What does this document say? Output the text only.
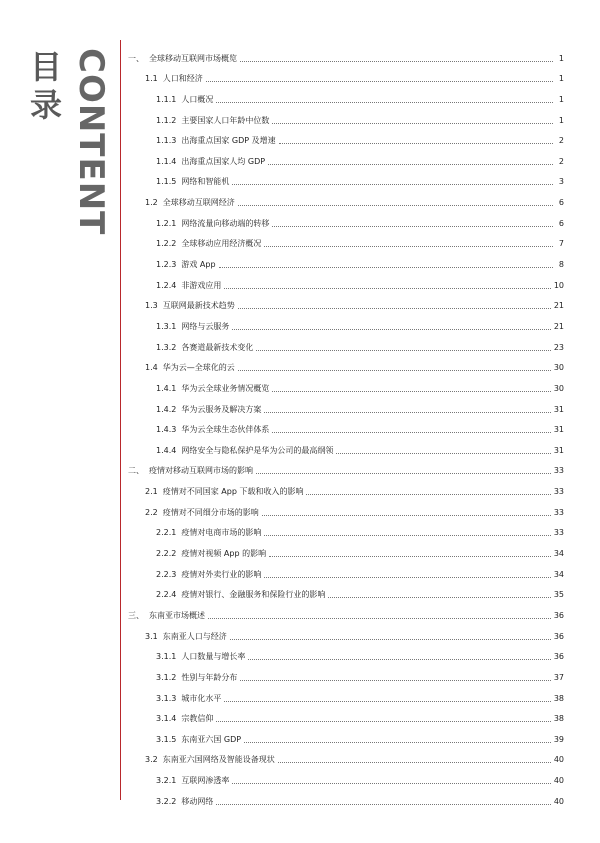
目
录 CONTENT 一、 全球移动互联网市场概览	1
1.1 人口和经济	1
1.1.1 人口概况	1
1.1.2 主要国家人口年龄中位数	1
1.1.3 出海重点国家 GDP 及增速	2
1.1.4 出海重点国家人均 GDP	2
1.1.5 网络和智能机	3
1.2 全球移动互联网经济	6
1.2.1 网络流量向移动端的转移	6
1.2.2 全球移动应用经济概况	7
1.2.3 游戏 App	8
1.2.4 非游戏应用	10
1.3 互联网最新技术趋势	21
1.3.1 网络与云服务	21
1.3.2 各赛道最新技术变化	23
1.4 华为云—全球化的云	30
1.4.1 华为云全球业务情况概览	30
1.4.2 华为云服务及解决方案	31
1.4.3 华为云全球生态伙伴体系	31
1.4.4 网络安全与隐私保护是华为公司的最高纲领	31
二、 疫情对移动互联网市场的影响	33
2.1 疫情对不同国家 App 下载和收入的影响	33
2.2 疫情对不同细分市场的影响	33
2.2.1 疫情对电商市场的影响	33
2.2.2 疫情对视频 App 的影响	34
2.2.3 疫情对外卖行业的影响	34
2.2.4 疫情对银行、金融服务和保险行业的影响	35
三、 东南亚市场概述	36
3.1 东南亚人口与经济	36
3.1.1 人口数量与增长率	36
3.1.2 性别与年龄分布	37
3.1.3 城市化水平	38
3.1.4 宗教信仰	38
3.1.5 东南亚六国 GDP	39
3.2 东南亚六国网络及智能设备现状	40
3.2.1 互联网渗透率	40
3.2.2 移动网络	40
